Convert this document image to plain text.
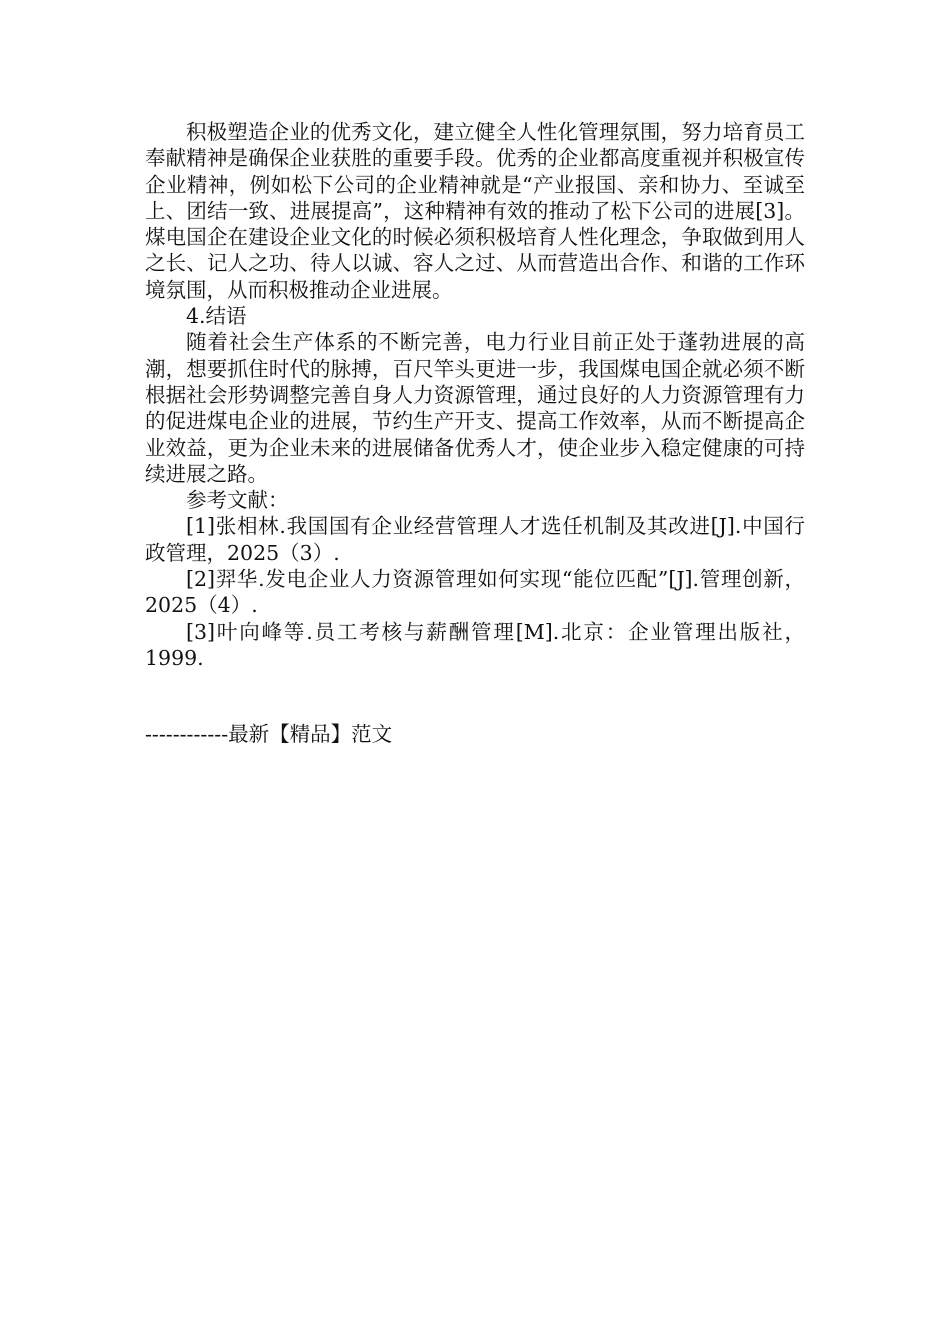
积极塑造企业的优秀文化，建立健全人性化管理氛围，努力培育员工奉献精神是确保企业获胜的重要手段。优秀的企业都高度重视并积极宣传企业精神，例如松下公司的企业精神就是“产业报国、亲和协力、至诚至上、团结一致、进展提高”，这种精神有效的推动了松下公司的进展[3]。煤电国企在建设企业文化的时候必须积极培育人性化理念，争取做到用人之长、记人之功、待人以诚、容人之过、从而营造出合作、和谐的工作环境氛围，从而积极推动企业进展。

4.结语

随着社会生产体系的不断完善，电力行业目前正处于蓬勃进展的高潮，想要抓住时代的脉搏，百尺竿头更进一步，我国煤电国企就必须不断根据社会形势调整完善自身人力资源管理，通过良好的人力资源管理有力的促进煤电企业的进展，节约生产开支、提高工作效率，从而不断提高企业效益，更为企业未来的进展储备优秀人才，使企业步入稳定健康的可持续进展之路。

参考文献：

[1]张相林.我国国有企业经营管理人才选任机制及其改进[J].中国行政管理，2025（3）.

[2]羿华.发电企业人力资源管理如何实现“能位匹配”[J].管理创新，2025（4）.

[3]叶向峰等.员工考核与薪酬管理[M].北京：企业管理出版社，1999.

------------最新【精品】范文
